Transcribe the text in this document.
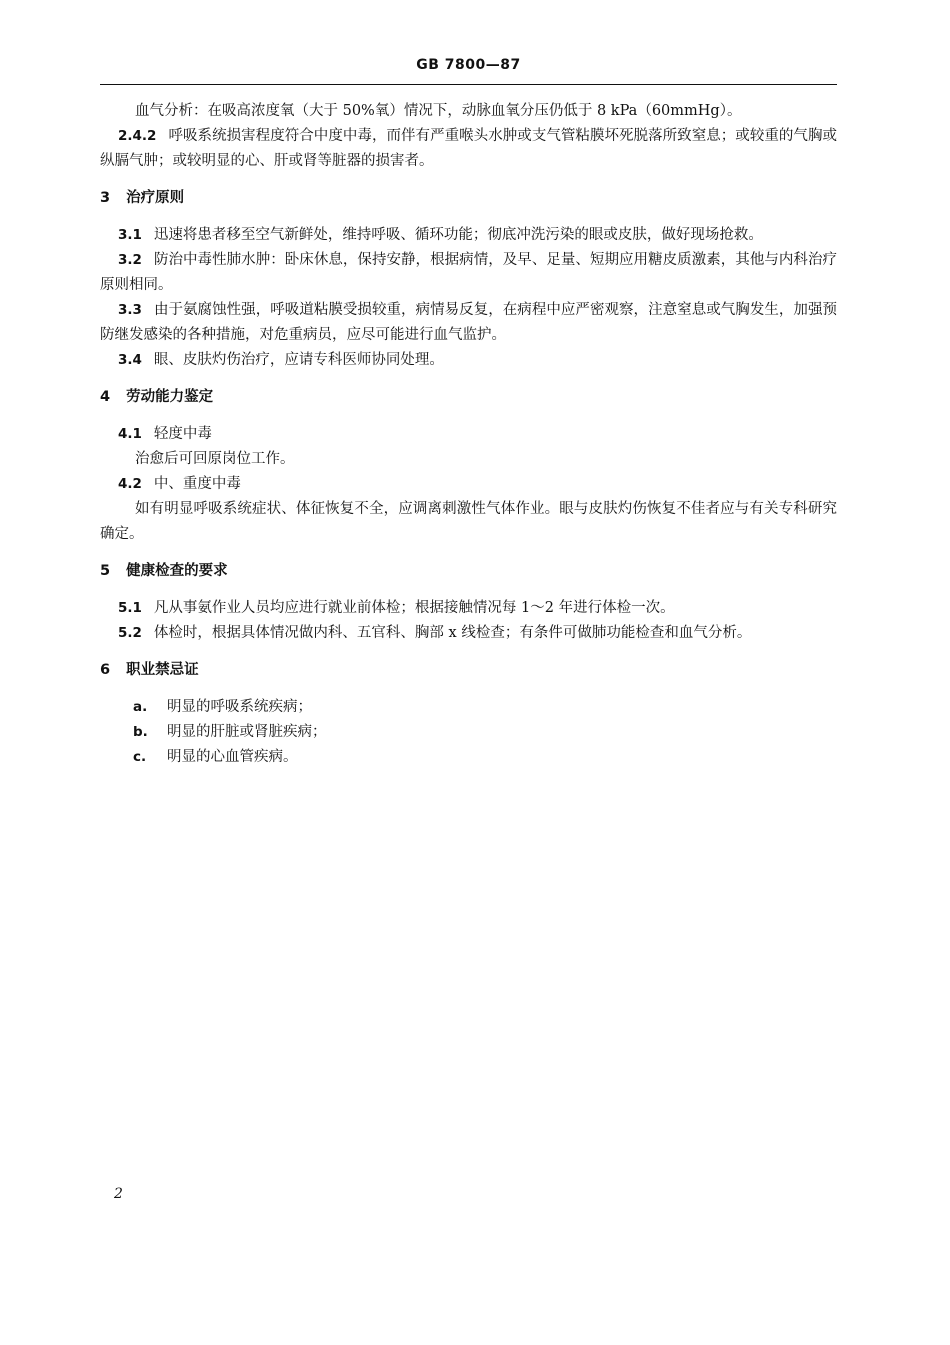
GB 7800—87

血气分析：在吸高浓度氧（大于 50%氧）情况下，动脉血氧分压仍低于 8 kPa（60mmHg）。

2.4.2 呼吸系统损害程度符合中度中毒，而伴有严重喉头水肿或支气管粘膜坏死脱落所致窒息；或较重的气胸或纵膈气肿；或较明显的心、肝或肾等脏器的损害者。

3 治疗原则

3.1 迅速将患者移至空气新鲜处，维持呼吸、循环功能；彻底冲洗污染的眼或皮肤，做好现场抢救。

3.2 防治中毒性肺水肿：卧床休息，保持安静，根据病情，及早、足量、短期应用糖皮质激素，其他与内科治疗原则相同。

3.3 由于氨腐蚀性强，呼吸道粘膜受损较重，病情易反复，在病程中应严密观察，注意窒息或气胸发生，加强预防继发感染的各种措施，对危重病员，应尽可能进行血气监护。

3.4 眼、皮肤灼伤治疗，应请专科医师协同处理。

4 劳动能力鉴定

4.1 轻度中毒

治愈后可回原岗位工作。

4.2 中、重度中毒

如有明显呼吸系统症状、体征恢复不全，应调离刺激性气体作业。眼与皮肤灼伤恢复不佳者应与有关专科研究确定。

5 健康检查的要求

5.1 凡从事氨作业人员均应进行就业前体检；根据接触情况每 1～2 年进行体检一次。

5.2 体检时，根据具体情况做内科、五官科、胸部 x 线检查；有条件可做肺功能检查和血气分析。

6 职业禁忌证
a. 明显的呼吸系统疾病；
b. 明显的肝脏或肾脏疾病；
c. 明显的心血管疾病。
2
